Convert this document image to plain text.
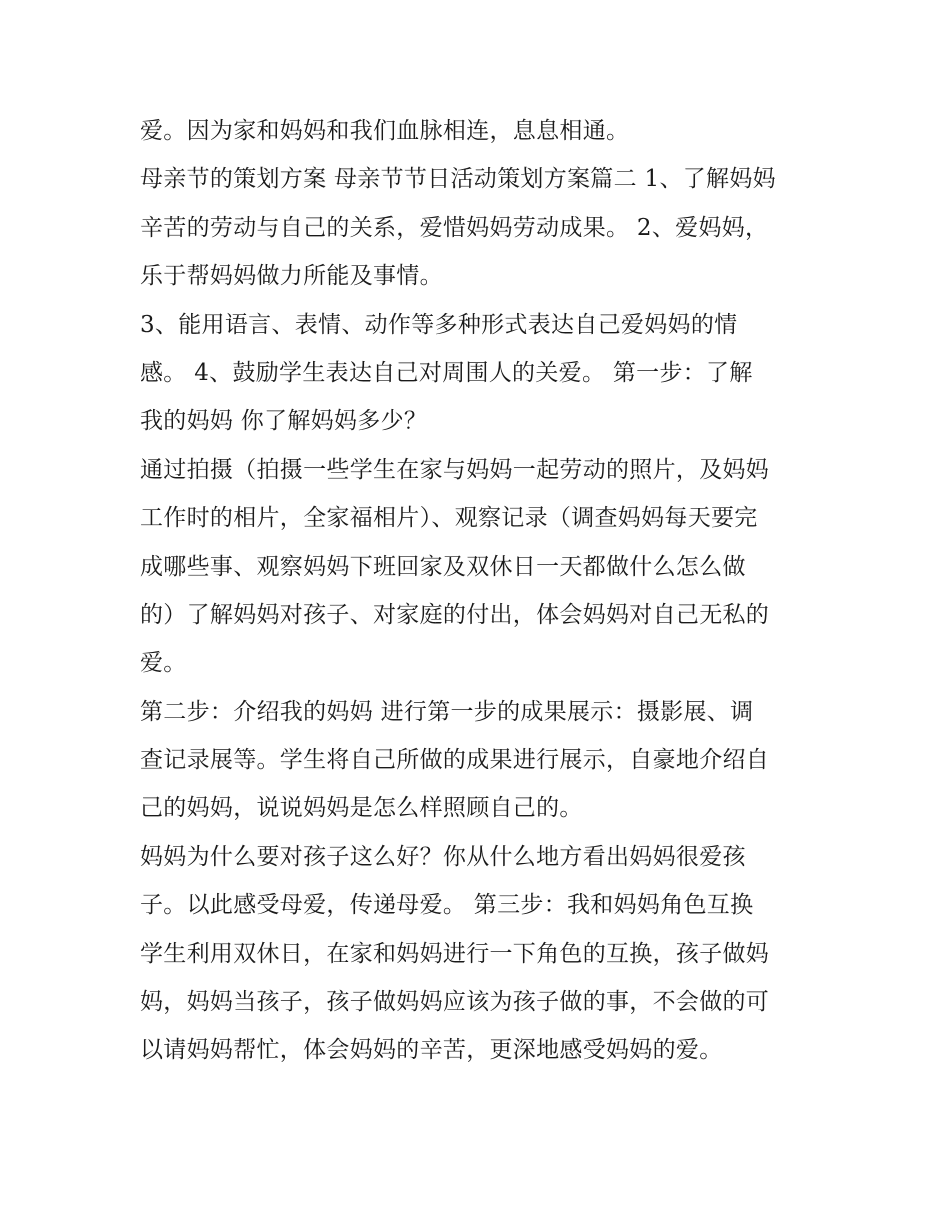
爱。因为家和妈妈和我们血脉相连，息息相通。
母亲节的策划方案 母亲节节日活动策划方案篇二 1、了解妈妈
辛苦的劳动与自己的关系，爱惜妈妈劳动成果。 2、爱妈妈，
乐于帮妈妈做力所能及事情。
3、能用语言、表情、动作等多种形式表达自己爱妈妈的情
感。 4、鼓励学生表达自己对周围人的关爱。 第一步：了解
我的妈妈 你了解妈妈多少？
通过拍摄（拍摄一些学生在家与妈妈一起劳动的照片，及妈妈
工作时的相片，全家福相片）、观察记录（调查妈妈每天要完
成哪些事、观察妈妈下班回家及双休日一天都做什么怎么做
的）了解妈妈对孩子、对家庭的付出，体会妈妈对自己无私的
爱。
第二步：介绍我的妈妈 进行第一步的成果展示：摄影展、调
查记录展等。学生将自己所做的成果进行展示，自豪地介绍自
己的妈妈，说说妈妈是怎么样照顾自己的。
妈妈为什么要对孩子这么好？你从什么地方看出妈妈很爱孩
子。以此感受母爱，传递母爱。 第三步：我和妈妈角色互换
学生利用双休日，在家和妈妈进行一下角色的互换，孩子做妈
妈，妈妈当孩子，孩子做妈妈应该为孩子做的事，不会做的可
以请妈妈帮忙，体会妈妈的辛苦，更深地感受妈妈的爱。
